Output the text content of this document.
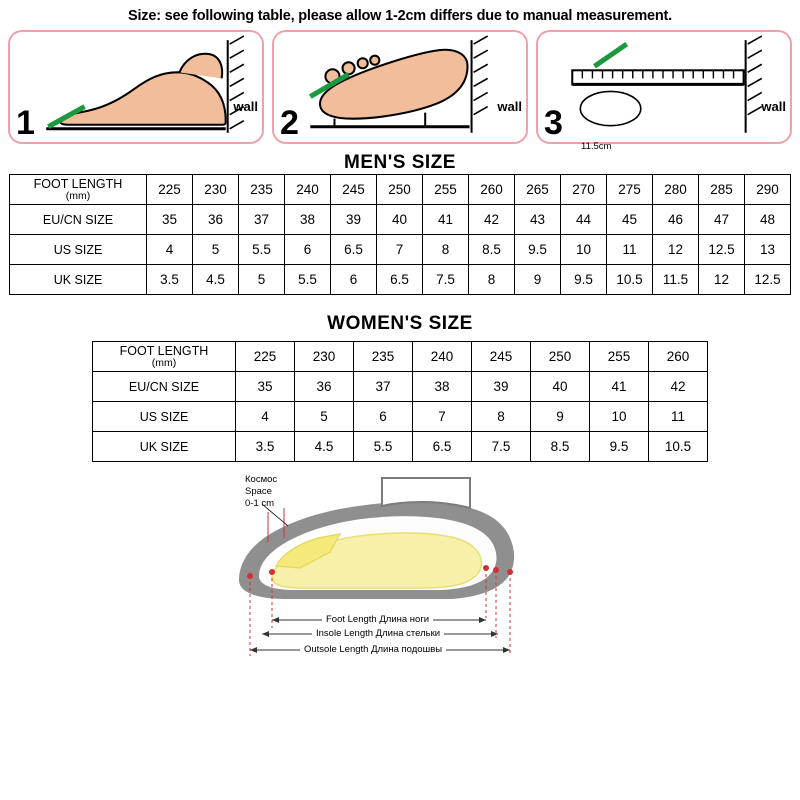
Size: see following table, please allow 1-2cm differs due to manual measurement.
1	wall 2	wall
11.5cm
3	wall
MEN'S SIZE
FOOT LENGTH
(mm)	225	230	235	240	245	250	255	260	265	270	275	280	285	290
EU/CN SIZE	35	36	37	38	39	40	41	42	43	44	45	46	47	48
US SIZE	4	5	5.5	6	6.5	7	8	8.5	9.5	10	11	12	12.5	13
UK SIZE	3.5	4.5	5	5.5	6	6.5	7.5	8	9	9.5	10.5	11.5	12	12.5
WOMEN'S SIZE
FOOT LENGTH
(mm)	225	230	235	240	245	250	255	260
EU/CN SIZE	35	36	37	38	39	40	41	42
US SIZE	4	5	6	7	8	9	10	11
UK SIZE	3.5	4.5	5.5	6.5	7.5	8.5	9.5	10.5
Космос
Space
0-1 cm
Foot Length Длина ноги
Insole Length Длина стельки
Outsole Length Длина подошвы
